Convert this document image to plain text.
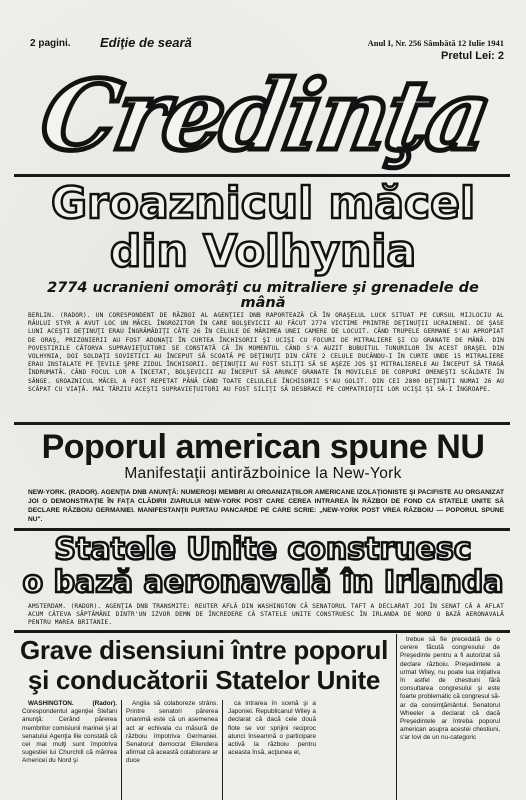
2 pagini. Ediţie de seară	Anul I, Nr. 256 Sâmbătă 12 Iulie 1941
Pretul Lei: 2
Credinţa
Groaznicul măcel
din Volhynia
2774 ucranieni omorâţi cu mitraliere şi grenadele de mână

BERLIN. (RADOR). UN CORESPONDENT DE RĂZBOI AL AGENŢIEI DNB RAPORTEAZĂ CĂ ÎN ORAŞELUL LUCK SITUAT PE CURSUL MIJLOCIU AL RÂULUI STYR A AVUT LOC UN MĂCEL ÎNGROZITOR ÎN CARE BOLŞEVICII AU FĂCUT 2774 VICTIME PRINTRE DEŢINUŢII UCRAINENI. DE ŞASE LUNI ACEŞTI DEŢINUŢI ERAU ÎNGRĂMĂDIŢI CÂTE 26 ÎN CELULE DE MĂRIMEA UNEI CAMERE DE LOCUIT. CÂND TRUPELE GERMANE S'AU APROPIAT DE ORAŞ, PRIZONIERII AU FOST ADUNAŢI ÎN CURTEA ÎNCHISORII ŞI UCIŞI CU FOCURI DE MITRALIERE ŞI CU GRANATE DE MÂNĂ. DIN POVESTIRILE CÂTORVA SUPRAVIEŢUITORI SE CONSTATĂ CĂ ÎN MOMENTUL CÂND S'A AUZIT BUBUITUL TUNURILOR ÎN ACEST ORAŞEL DIN VOLHYNIA, DOI SOLDAŢI SOVIETICI AU ÎNCEPUT SĂ SCOATĂ PE DEŢINUŢI DIN CÂTE 2 CELULE DUCÂNDU-I ÎN CURTE UNDE 15 MITRALIERE ERAU INSTALATE PE ŢEVILE ŞPRE ZIDUL ÎNCHISORII. DEŢINUŢII AU FOST SILIŢI SĂ SE AŞEZE JOS ŞI MITRALIERELE AU ÎNCEPUT SĂ TRAGĂ ÎNDRUMATĂ. CÂND FOCUL LOR A ÎNCETAT, BOLŞEVICII AU ÎNCEPUT SĂ ARUNCE GRANATE ÎN MOVILELE DE CORPURI OMENEŞTI SCĂLDATE ÎN SÂNGE. GROAZNICUL MĂCEL A FOST REPETAT PÂNĂ CÂND TOATE CELULELE ÎNCHISORII S'AU GOLIT. DIN CEI 2800 DEŢINUŢI NUMAI 26 AU SCĂPAT CU VIAŢĂ. MAI TÂRZIU ACEŞTI SUPRAVIEŢUITORI AU FOST SILIŢI SĂ DESBRACE PE COMPATRIOŢII LOR UCIŞI ŞI SĂ-I ÎNGROAPE.

Poporul american spune NU
Manifestaţii antirăzboinice la New-York
NEW-YORK. (RADOR). AGENŢIA DNB ANUNŢĂ: NUMEROŞI MEMBRI AI ORGANIZAŢIILOR AMERICANE IZOLAŢIONISTE ŞI PACIFISTE AU ORGANIZAT JOI O DEMONSTRAŢIE ÎN FAŢA CLĂDIRII ZIARULUI NEW-YORK POST CARE CEREA INTRAREA ÎN RĂZBOI DE FOND CA STATELE UNITE SĂ DECLARE RĂZBOIU GERMANIEI. MANIFESTANŢII PURTAU PANCARDE PE CARE SCRIE: „NEW-YORK POST VREA RĂZBOIU — POPORUL SPUNE NU".
Statele Unite construesc
o bază aeronavală în Irlanda
AMSTERDAM. (RADOR). AGENŢIA DNB TRANSMITE: REUTER AFLĂ DIN WASHINGTON CĂ SENATORUL TAFT A DECLARAT JOI ÎN SENAT CĂ A AFLAT ACUM CÂTEVA SĂPTĂMÂNI DINTR'UN IZVOR DEMN DE ÎNCREDERE CĂ STATELE UNITE CONSTRUESC ÎN IRLANDA DE NORD O BAZĂ AERONAVALĂ PENTRU MAREA BRITANIE.
Grave disensiuni între poporul
şi conducătorii Statelor Unite

WASHINGTON. (Rador). Corespondentul agenţiei Stefani anunţă: Cerând părerea membrilor comisiunii marinei şi al senatului Agenţia Ilie constată că cei mai mulţi sunt împotriva sugestiei lui Churchill că mărirea Americei du Nord şi

Anglia să colaboreze strâns. Printre senatori părerea unanimă este că un asemenea act ar echivala cu măsură de războiu împotriva Germaniei. Senatorul democrat Ellendera afirmat că această colaborare ar duce

ca intrarea în scenă şi a Japoniei. Republicanul Wiley a declarat că dacă cele două flote se vor sprijini reciproc atunci înseamnă o participare activă la războiu pentru aceasta însă, acţiunea el,

trebue să fie precedată de o cerere făcută congresului de Preşedinte pentru a fi autorizat să declare războiu. Preşedintele a urmat Wiley, nu poate lua iniţiativa în astfel de chestiuni fără consultarea congresului şi este foarte problematic că congresul să-ar da consimţământul. Senatorul Wheeler a declarat că dacă Preşedintele ar întreba poporul american asupra acestei chestiuni, s'ar lovi de un nu-categoric
